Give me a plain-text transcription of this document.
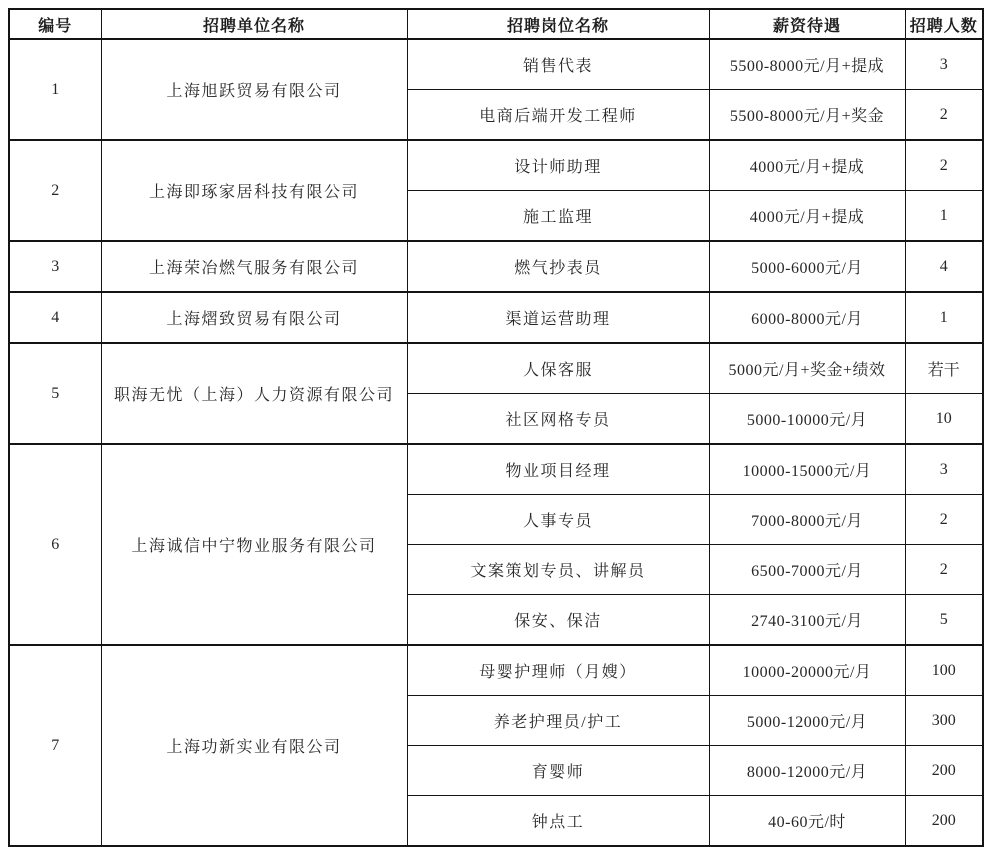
编号	招聘单位名称	招聘岗位名称	薪资待遇	招聘人数
1	上海旭跃贸易有限公司	销售代表	5500-8000元/月+提成	3
		电商后端开发工程师	5500-8000元/月+奖金	2
2	上海即琢家居科技有限公司	设计师助理	4000元/月+提成	2
		施工监理	4000元/月+提成	1
3	上海荣冶燃气服务有限公司	燃气抄表员	5000-6000元/月	4
4	上海熠致贸易有限公司	渠道运营助理	6000-8000元/月	1
5	职海无忧（上海）人力资源有限公司	人保客服	5000元/月+奖金+绩效	若干
		社区网格专员	5000-10000元/月	10
6	上海诚信中宁物业服务有限公司	物业项目经理	10000-15000元/月	3
		人事专员	7000-8000元/月	2
		文案策划专员、讲解员	6500-7000元/月	2
		保安、保洁	2740-3100元/月	5
7	上海功新实业有限公司	母婴护理师（月嫂）	10000-20000元/月	100
		养老护理员/护工	5000-12000元/月	300
		育婴师	8000-12000元/月	200
		钟点工	40-60元/时	200
